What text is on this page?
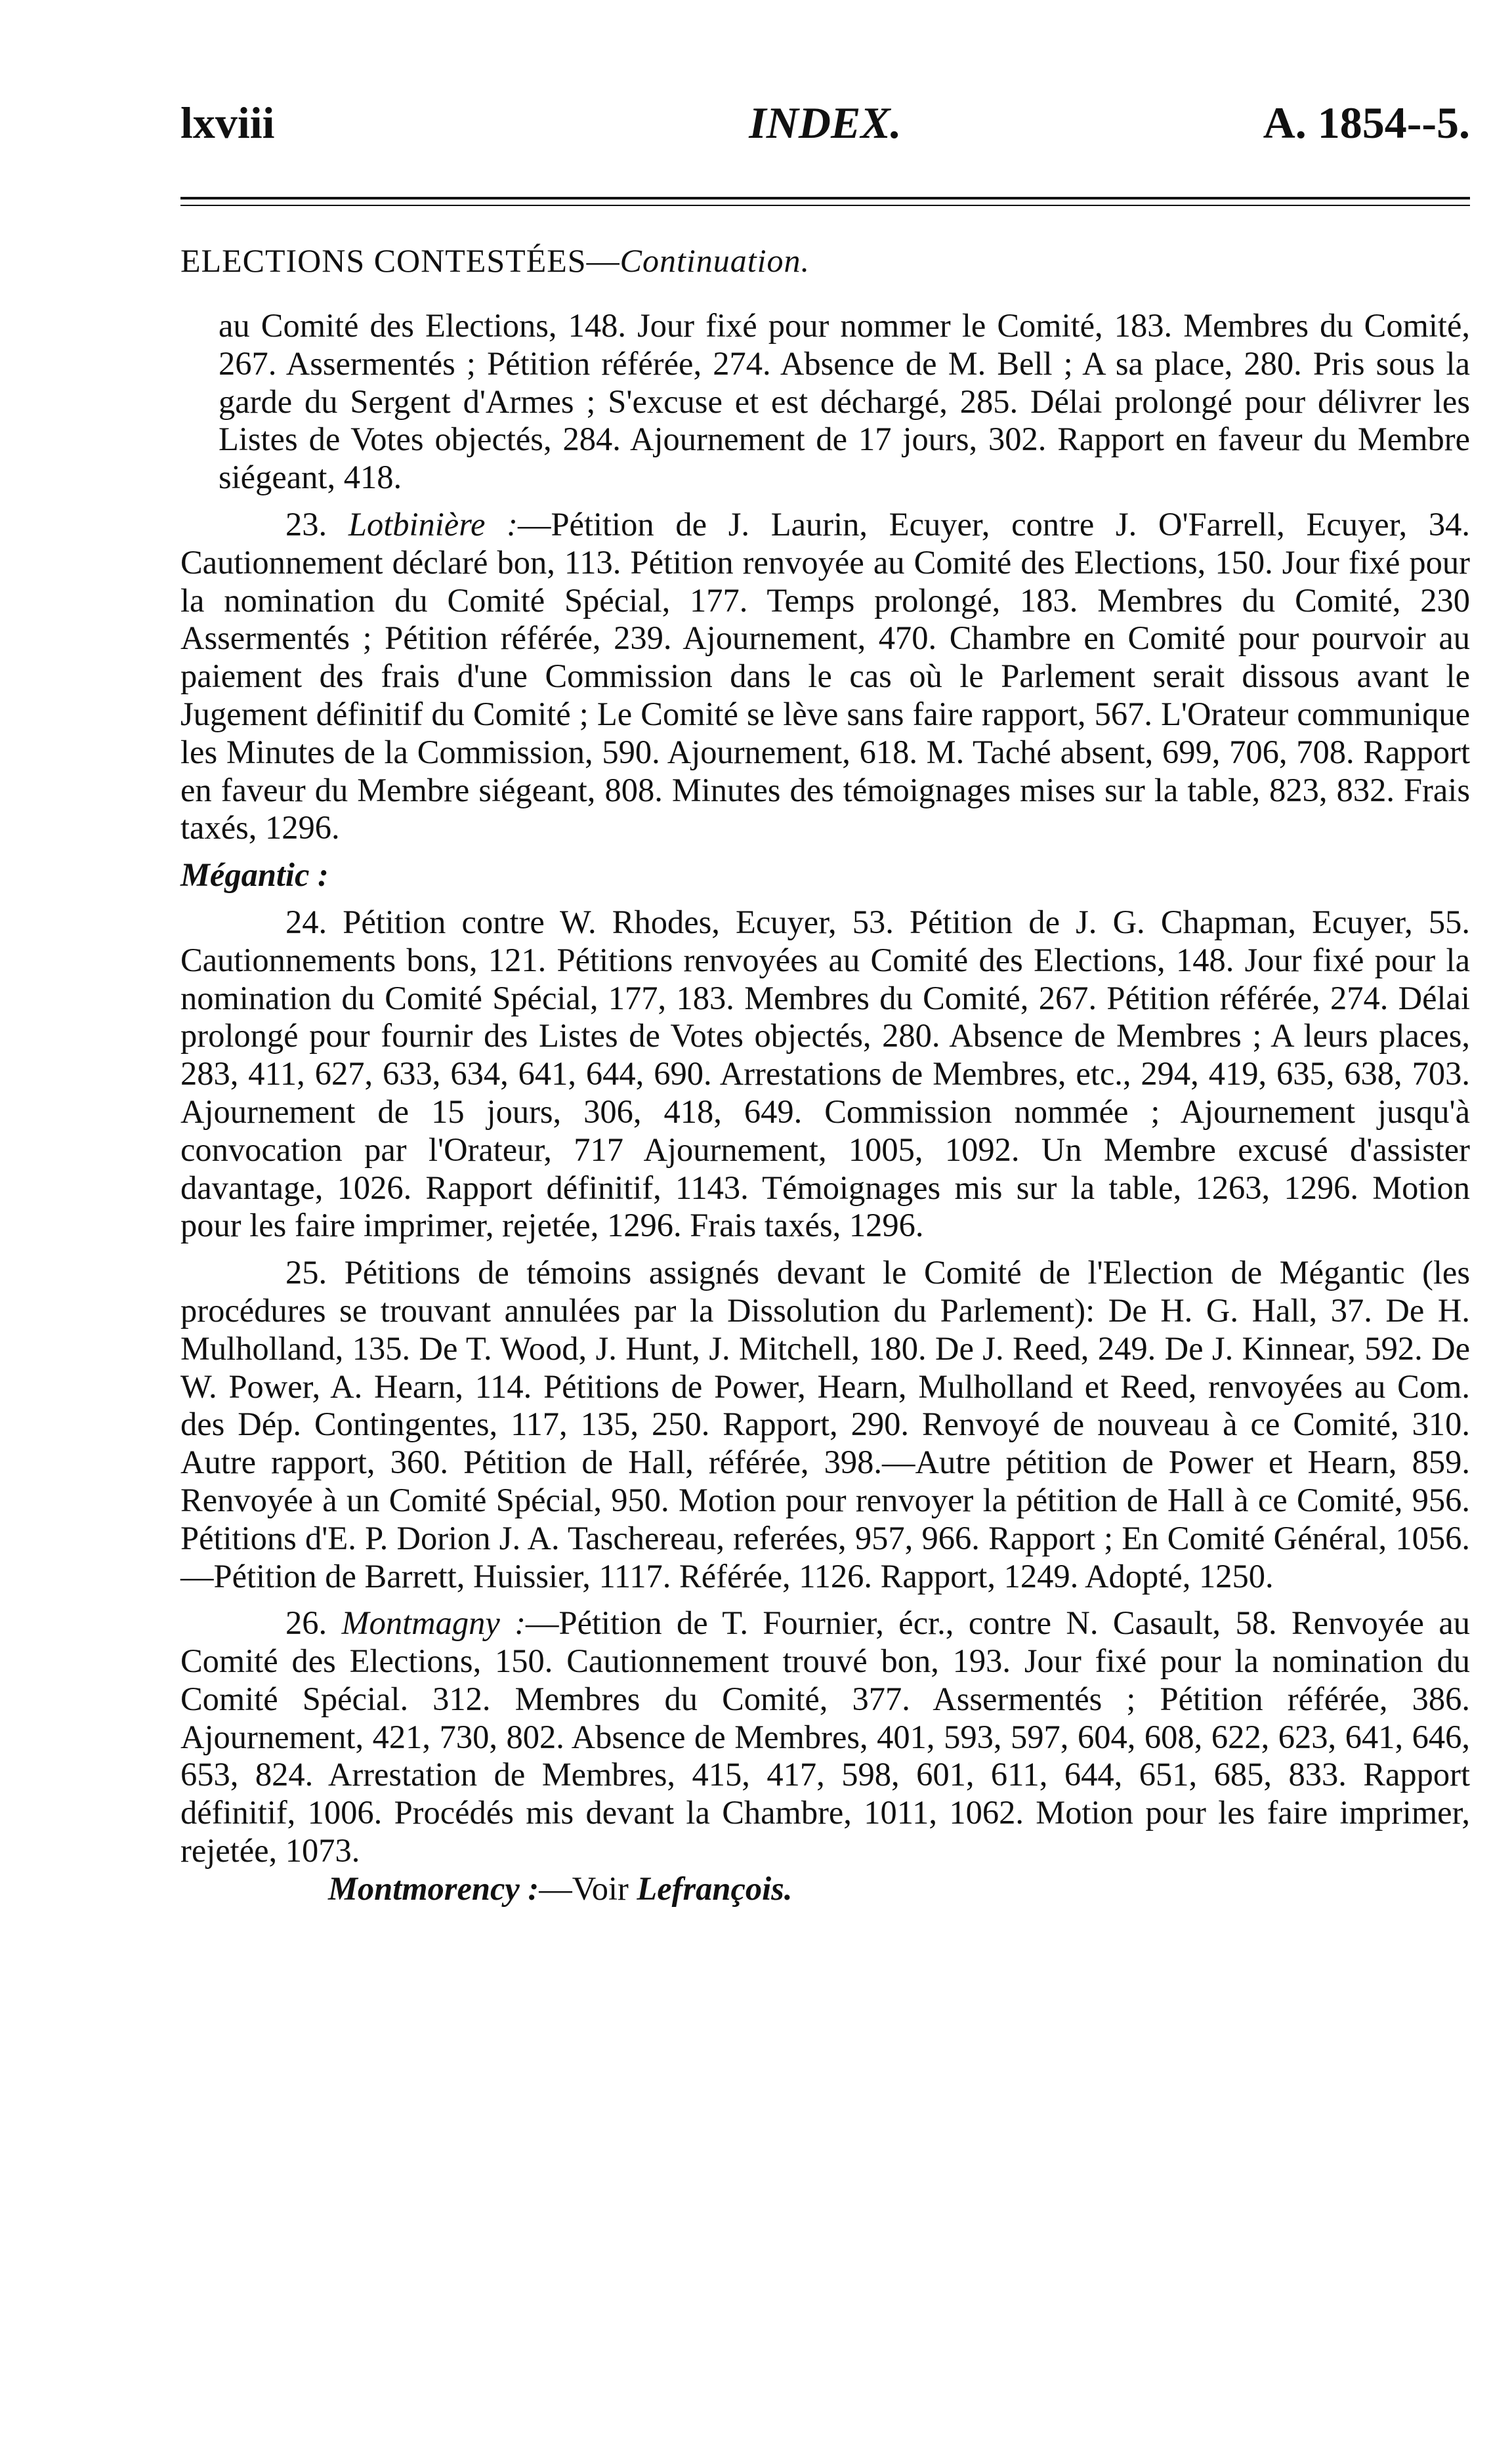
lxviii	INDEX.	A. 1854--5.
ELECTIONS CONTESTÉES—Continuation.

au Comité des Elections, 148. Jour fixé pour nommer le Comité, 183. Membres du Comité, 267. Assermentés ; Pétition référée, 274. Absence de M. Bell ; A sa place, 280. Pris sous la garde du Sergent d'Armes ; S'excuse et est déchargé, 285. Délai prolongé pour délivrer les Listes de Votes objectés, 284. Ajournement de 17 jours, 302. Rapport en faveur du Membre siégeant, 418.

23. Lotbinière :—Pétition de J. Laurin, Ecuyer, contre J. O'Farrell, Ecuyer, 34. Cautionnement déclaré bon, 113. Pétition renvoyée au Comité des Elections, 150. Jour fixé pour la nomination du Comité Spécial, 177. Temps prolongé, 183. Membres du Comité, 230 Assermentés ; Pétition référée, 239. Ajournement, 470. Chambre en Comité pour pourvoir au paiement des frais d'une Commission dans le cas où le Parlement serait dissous avant le Jugement définitif du Comité ; Le Comité se lève sans faire rapport, 567. L'Orateur communique les Minutes de la Commission, 590. Ajournement, 618. M. Taché absent, 699, 706, 708. Rapport en faveur du Membre siégeant, 808. Minutes des témoignages mises sur la table, 823, 832. Frais taxés, 1296.

Mégantic :

24. Pétition contre W. Rhodes, Ecuyer, 53. Pétition de J. G. Chapman, Ecuyer, 55. Cautionnements bons, 121. Pétitions renvoyées au Comité des Elections, 148. Jour fixé pour la nomination du Comité Spécial, 177, 183. Membres du Comité, 267. Pétition référée, 274. Délai prolongé pour fournir des Listes de Votes objectés, 280. Absence de Membres ; A leurs places, 283, 411, 627, 633, 634, 641, 644, 690. Arrestations de Membres, etc., 294, 419, 635, 638, 703. Ajournement de 15 jours, 306, 418, 649. Commission nommée ; Ajournement jusqu'à convocation par l'Orateur, 717 Ajournement, 1005, 1092. Un Membre excusé d'assister davantage, 1026. Rapport définitif, 1143. Témoignages mis sur la table, 1263, 1296. Motion pour les faire imprimer, rejetée, 1296. Frais taxés, 1296.

25. Pétitions de témoins assignés devant le Comité de l'Election de Mégantic (les procédures se trouvant annulées par la Dissolution du Parlement): De H. G. Hall, 37. De H. Mulholland, 135. De T. Wood, J. Hunt, J. Mitchell, 180. De J. Reed, 249. De J. Kinnear, 592. De W. Power, A. Hearn, 114. Pétitions de Power, Hearn, Mulholland et Reed, renvoyées au Com. des Dép. Contingentes, 117, 135, 250. Rapport, 290. Renvoyé de nouveau à ce Comité, 310. Autre rapport, 360. Pétition de Hall, référée, 398.—Autre pétition de Power et Hearn, 859. Renvoyée à un Comité Spécial, 950. Motion pour renvoyer la pétition de Hall à ce Comité, 956. Pétitions d'E. P. Dorion J. A. Taschereau, referées, 957, 966. Rapport ; En Comité Général, 1056.—Pétition de Barrett, Huissier, 1117. Référée, 1126. Rapport, 1249. Adopté, 1250.

26. Montmagny :—Pétition de T. Fournier, écr., contre N. Casault, 58. Renvoyée au Comité des Elections, 150. Cautionnement trouvé bon, 193. Jour fixé pour la nomination du Comité Spécial. 312. Membres du Comité, 377. Assermentés ; Pétition référée, 386. Ajournement, 421, 730, 802. Absence de Membres, 401, 593, 597, 604, 608, 622, 623, 641, 646, 653, 824. Arrestation de Membres, 415, 417, 598, 601, 611, 644, 651, 685, 833. Rapport définitif, 1006. Procédés mis devant la Chambre, 1011, 1062. Motion pour les faire imprimer, rejetée, 1073.

Montmorency :—Voir Lefrançois.
